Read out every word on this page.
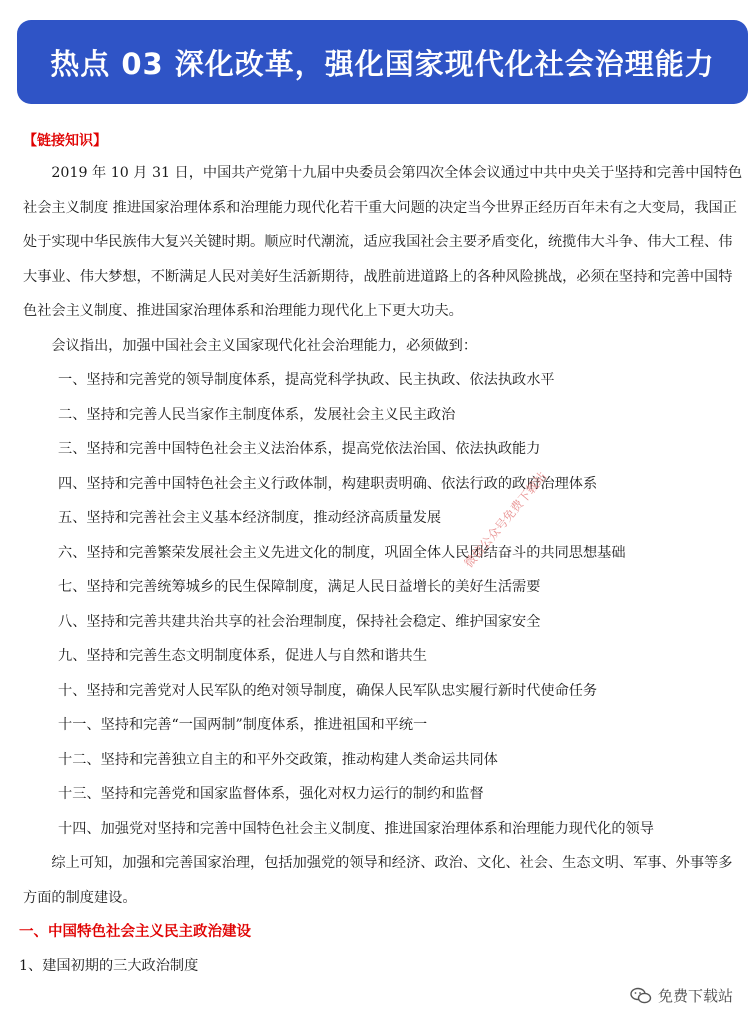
热点 03 深化改革，强化国家现代化社会治理能力
【链接知识】

2019 年 10 月 31 日，中国共产党第十九届中央委员会第四次全体会议通过中共中央关于坚持和完善中国特色社会主义制度 推进国家治理体系和治理能力现代化若干重大问题的决定当今世界正经历百年未有之大变局，我国正处于实现中华民族伟大复兴关键时期。顺应时代潮流，适应我国社会主要矛盾变化，统揽伟大斗争、伟大工程、伟大事业、伟大梦想，不断满足人民对美好生活新期待，战胜前进道路上的各种风险挑战，必须在坚持和完善中国特色社会主义制度、推进国家治理体系和治理能力现代化上下更大功夫。

会议指出，加强中国社会主义国家现代化社会治理能力，必须做到：

一、坚持和完善党的领导制度体系，提高党科学执政、民主执政、依法执政水平
二、坚持和完善人民当家作主制度体系，发展社会主义民主政治
三、坚持和完善中国特色社会主义法治体系，提高党依法治国、依法执政能力
四、坚持和完善中国特色社会主义行政体制，构建职责明确、依法行政的政府治理体系
五、坚持和完善社会主义基本经济制度，推动经济高质量发展
六、坚持和完善繁荣发展社会主义先进文化的制度，巩固全体人民团结奋斗的共同思想基础
七、坚持和完善统筹城乡的民生保障制度，满足人民日益增长的美好生活需要
八、坚持和完善共建共治共享的社会治理制度，保持社会稳定、维护国家安全
九、坚持和完善生态文明制度体系，促进人与自然和谐共生
十、坚持和完善党对人民军队的绝对领导制度，确保人民军队忠实履行新时代使命任务
十一、坚持和完善“一国两制”制度体系，推进祖国和平统一
十二、坚持和完善独立自主的和平外交政策，推动构建人类命运共同体
十三、坚持和完善党和国家监督体系，强化对权力运行的制约和监督
十四、加强党对坚持和完善中国特色社会主义制度、推进国家治理体系和治理能力现代化的领导

综上可知，加强和完善国家治理，包括加强党的领导和经济、政治、文化、社会、生态文明、军事、外事等多方面的制度建设。

一、中国特色社会主义民主政治建设
1、建国初期的三大政治制度
微信公众号免费下载站
免费下载站
